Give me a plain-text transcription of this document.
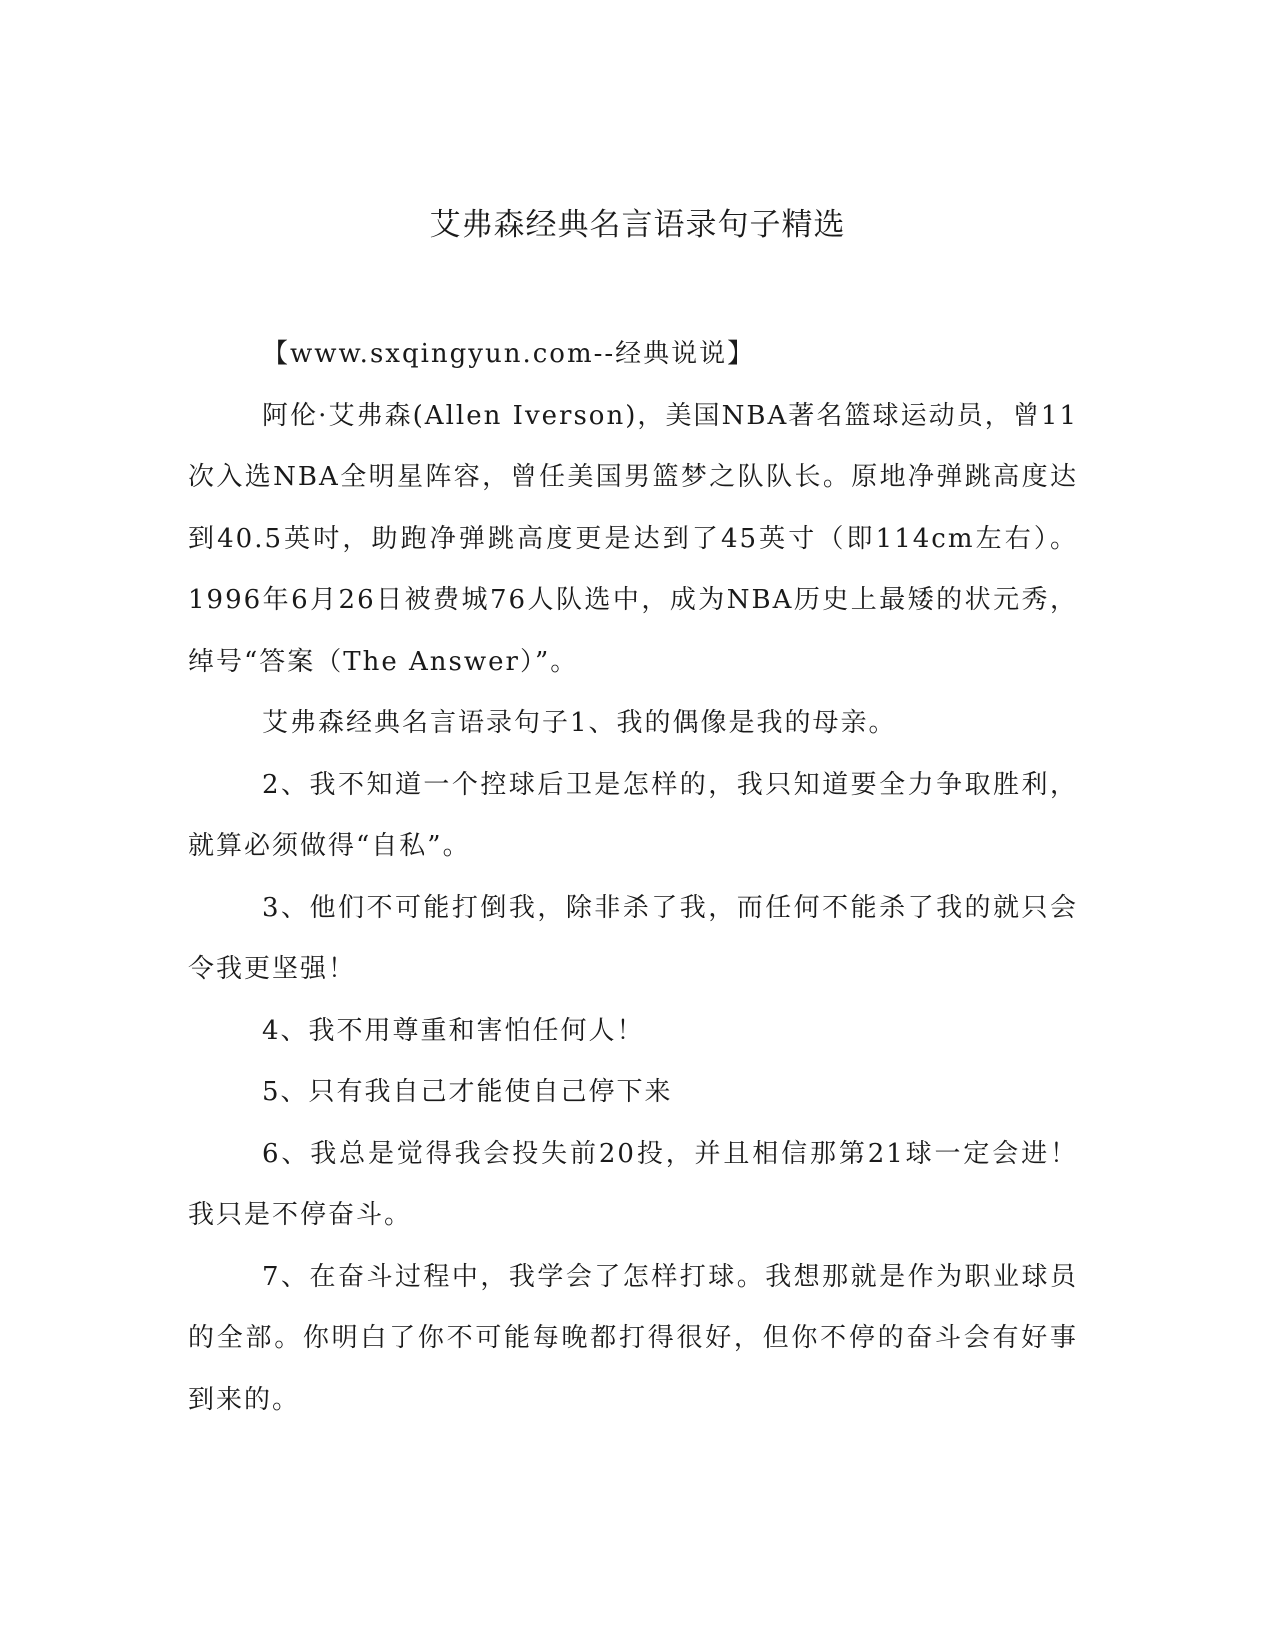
艾弗森经典名言语录句子精选

【www.sxqingyun.com--经典说说】

阿伦·艾弗森(Allen Iverson)，美国NBA著名篮球运动员，曾11次入选NBA全明星阵容，曾任美国男篮梦之队队长。原地净弹跳高度达到40.5英吋，助跑净弹跳高度更是达到了45英寸（即114cm左右）。1996年6月26日被费城76人队选中，成为NBA历史上最矮的状元秀，绰号“答案（The Answer）”。

艾弗森经典名言语录句子1、我的偶像是我的母亲。

2、我不知道一个控球后卫是怎样的，我只知道要全力争取胜利，就算必须做得“自私”。

3、他们不可能打倒我，除非杀了我，而任何不能杀了我的就只会令我更坚强！

4、我不用尊重和害怕任何人！

5、只有我自己才能使自己停下来

6、我总是觉得我会投失前20投，并且相信那第21球一定会进！我只是不停奋斗。

7、在奋斗过程中，我学会了怎样打球。我想那就是作为职业球员的全部。你明白了你不可能每晚都打得很好，但你不停的奋斗会有好事到来的。
